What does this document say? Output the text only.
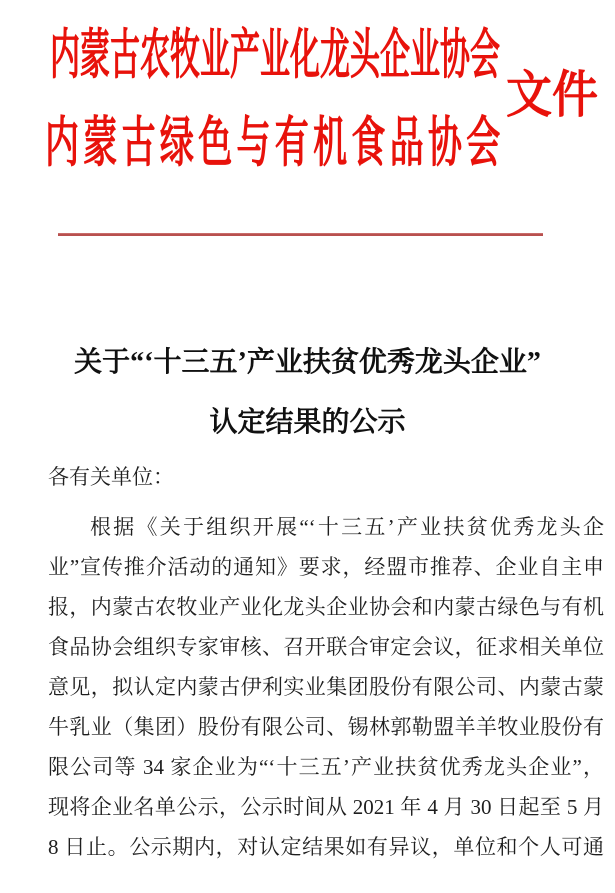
内蒙古农牧业产业化龙头企业协会
内蒙古绿色与有机食品协会
文件
关于“‘十三五’产业扶贫优秀龙头企业”
认定结果的公示
各有关单位：
根据《关于组织开展“‘十三五’产业扶贫优秀龙头企
业”宣传推介活动的通知》要求，经盟市推荐、企业自主申
报，内蒙古农牧业产业化龙头企业协会和内蒙古绿色与有机
食品协会组织专家审核、召开联合审定会议，征求相关单位
意见，拟认定内蒙古伊利实业集团股份有限公司、内蒙古蒙
牛乳业（集团）股份有限公司、锡林郭勒盟羊羊牧业股份有
限公司等 34 家企业为“‘十三五’产业扶贫优秀龙头企业”，
现将企业名单公示，公示时间从 2021 年 4 月 30 日起至 5 月
8 日止。公示期内，对认定结果如有异议，单位和个人可通
